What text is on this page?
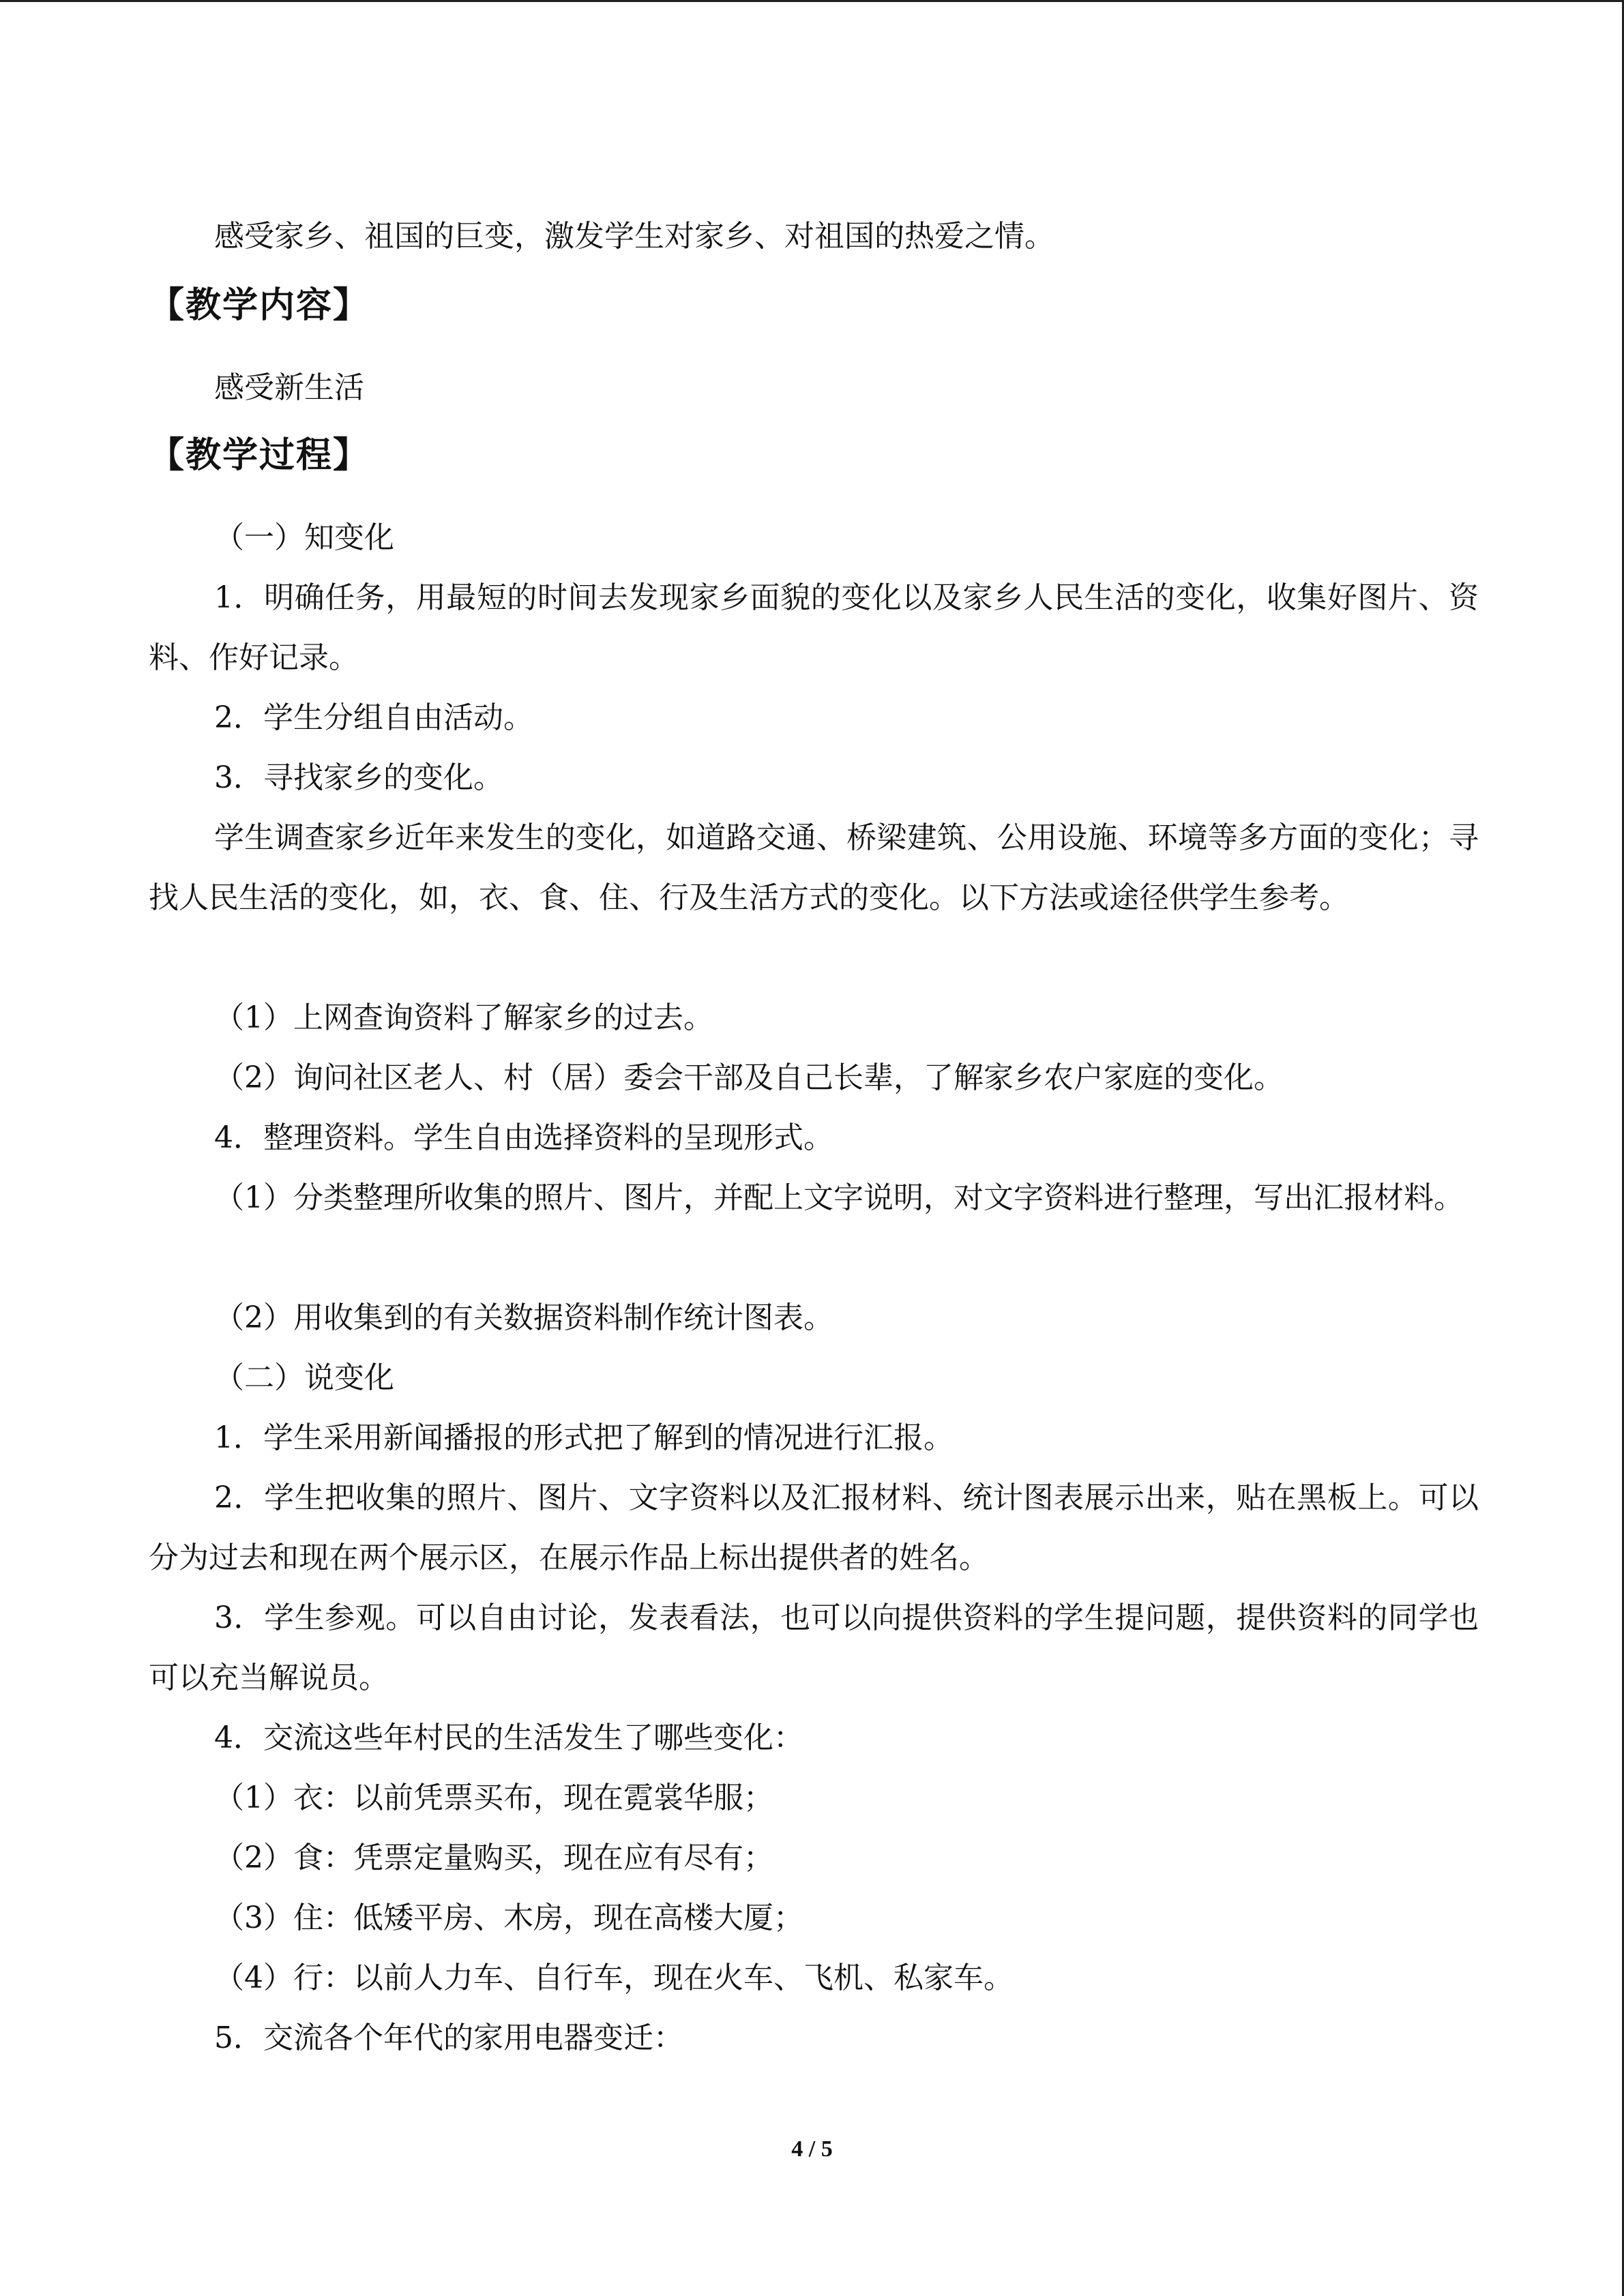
感受家乡、祖国的巨变，激发学生对家乡、对祖国的热爱之情。
【教学内容】
感受新生活
【教学过程】
（一）知变化
1．明确任务，用最短的时间去发现家乡面貌的变化以及家乡人民生活的变化，收集好图片、资料、作好记录。
2．学生分组自由活动。
3．寻找家乡的变化。
学生调查家乡近年来发生的变化，如道路交通、桥梁建筑、公用设施、环境等多方面的变化；寻找人民生活的变化，如，衣、食、住、行及生活方式的变化。以下方法或途径供学生参考。
（1）上网查询资料了解家乡的过去。
（2）询问社区老人、村（居）委会干部及自己长辈，了解家乡农户家庭的变化。
4．整理资料。学生自由选择资料的呈现形式。
（1）分类整理所收集的照片、图片，并配上文字说明，对文字资料进行整理，写出汇报材料。
（2）用收集到的有关数据资料制作统计图表。
（二）说变化
1．学生采用新闻播报的形式把了解到的情况进行汇报。
2．学生把收集的照片、图片、文字资料以及汇报材料、统计图表展示出来，贴在黑板上。可以分为过去和现在两个展示区，在展示作品上标出提供者的姓名。
3．学生参观。可以自由讨论，发表看法，也可以向提供资料的学生提问题，提供资料的同学也可以充当解说员。
4．交流这些年村民的生活发生了哪些变化：
（1）衣：以前凭票买布，现在霓裳华服；
（2）食：凭票定量购买，现在应有尽有；
（3）住：低矮平房、木房，现在高楼大厦；
（4）行：以前人力车、自行车，现在火车、飞机、私家车。
5．交流各个年代的家用电器变迁：
4 / 5
